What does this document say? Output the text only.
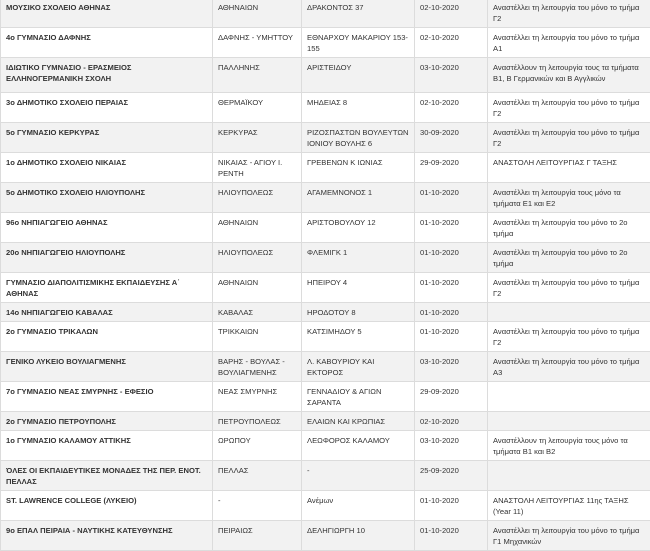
ΜΟΥΣΙΚΟ ΣΧΟΛΕΙΟ ΑΘΗΝΑΣ	ΑΘΗΝΑΙΩΝ	ΔΡΑΚΟΝΤΟΣ 37	02-10-2020	Αναστέλλει τη λειτουργία του μόνο το τμήμα Γ2
4ο ΓΥΜΝΑΣΙΟ ΔΑΦΝΗΣ	ΔΑΦΝΗΣ - ΥΜΗΤΤΟΥ	ΕΘΝΑΡΧΟΥ ΜΑΚΑΡΙΟΥ 153-155	02-10-2020	Αναστέλλει τη λειτουργία του μόνο το τμήμα Α1
ΙΔΙΩΤΙΚΟ ΓΥΜΝΑΣΙΟ - ΕΡΑΣΜΕΙΟΣ ΕΛΛΗΝΟΓΕΡΜΑΝΙΚΗ ΣΧΟΛΗ	ΠΑΛΛΗΝΗΣ	ΑΡΙΣΤΕΙΔΟΥ	03-10-2020	Αναστέλλουν τη λειτουργία τους τα τμήματα Β1, Β Γερμανικών και Β Αγγλικών
3ο ΔΗΜΟΤΙΚΟ ΣΧΟΛΕΙΟ ΠΕΡΑΙΑΣ	ΘΕΡΜΑΪΚΟΥ	ΜΗΔΕΙΑΣ 8	02-10-2020	Αναστέλλει τη λειτουργία του μόνο το τμήμα Γ2
5ο ΓΥΜΝΑΣΙΟ ΚΕΡΚΥΡΑΣ	ΚΕΡΚΥΡΑΣ	ΡΙΖΟΣΠΑΣΤΩΝ ΒΟΥΛΕΥΤΩΝ ΙΟΝΙΟΥ ΒΟΥΛΗΣ 6	30-09-2020	Αναστέλλει τη λειτουργία του μόνο το τμήμα Γ2
1ο ΔΗΜΟΤΙΚΟ ΣΧΟΛΕΙΟ ΝΙΚΑΙΑΣ	ΝΙΚΑΙΑΣ - ΑΓΙΟΥ Ι. ΡΕΝΤΗ	ΓΡΕΒΕΝΩΝ Κ ΙΩΝΙΑΣ	29-09-2020	ΑΝΑΣΤΟΛΗ ΛΕΙΤΟΥΡΓΙΑΣ Γ ΤΑΞΗΣ
5ο ΔΗΜΟΤΙΚΟ ΣΧΟΛΕΙΟ ΗΛΙΟΥΠΟΛΗΣ	ΗΛΙΟΥΠΟΛΕΩΣ	ΑΓΑΜΕΜΝΟΝΟΣ 1	01-10-2020	Αναστέλλει τη λειτουργία τους μόνο τα τμήματα Ε1 και Ε2
96ο ΝΗΠΙΑΓΩΓΕΙΟ ΑΘΗΝΑΣ	ΑΘΗΝΑΙΩΝ	ΑΡΙΣΤΟΒΟΥΛΟΥ 12	01-10-2020	Αναστέλλει τη λειτουργία του μόνο το 2ο τμήμα
20ο ΝΗΠΙΑΓΩΓΕΙΟ ΗΛΙΟΥΠΟΛΗΣ	ΗΛΙΟΥΠΟΛΕΩΣ	ΦΛΕΜΙΓΚ 1	01-10-2020	Αναστέλλει τη λειτουργία του μόνο το 2ο τμήμα
ΓΥΜΝΑΣΙΟ ΔΙΑΠΟΛΙΤΙΣΜΙΚΗΣ ΕΚΠΑΙΔΕΥΣΗΣ Α΄ ΑΘΗΝΑΣ	ΑΘΗΝΑΙΩΝ	ΗΠΕΙΡΟΥ 4	01-10-2020	Αναστέλλει τη λειτουργία του μόνο το τμήμα Γ2
14ο ΝΗΠΙΑΓΩΓΕΙΟ ΚΑΒΑΛΑΣ	ΚΑΒΑΛΑΣ	ΗΡΟΔΟΤΟΥ 8	01-10-2020	
2ο ΓΥΜΝΑΣΙΟ ΤΡΙΚΑΛΩΝ	ΤΡΙΚΚΑΙΩΝ	ΚΑΤΣΙΜΗΔΟΥ 5	01-10-2020	Αναστέλλει τη λειτουργία του μόνο το τμήμα Γ2
ΓΕΝΙΚΟ ΛΥΚΕΙΟ ΒΟΥΛΙΑΓΜΕΝΗΣ	ΒΑΡΗΣ - ΒΟΥΛΑΣ - ΒΟΥΛΙΑΓΜΕΝΗΣ	Λ. ΚΑΒΟΥΡΙΟΥ ΚΑΙ ΕΚΤΟΡΟΣ	03-10-2020	Αναστέλλει τη λειτουργία του μόνο το τμήμα Α3
7ο ΓΥΜΝΑΣΙΟ ΝΕΑΣ ΣΜΥΡΝΗΣ - ΕΦΕΣΙΟ	ΝΕΑΣ ΣΜΥΡΝΗΣ	ΓΕΝΝΑΔΙΟΥ & ΑΓΙΩΝ ΣΑΡΑΝΤΑ	29-09-2020	
2ο ΓΥΜΝΑΣΙΟ ΠΕΤΡΟΥΠΟΛΗΣ	ΠΕΤΡΟΥΠΟΛΕΩΣ	ΕΛΑΙΩΝ ΚΑΙ ΚΡΩΠΙΑΣ	02-10-2020	
1ο ΓΥΜΝΑΣΙΟ ΚΑΛΑΜΟΥ ΑΤΤΙΚΗΣ	ΩΡΩΠΟΥ	ΛΕΩΦΟΡΟΣ ΚΑΛΑΜΟΥ	03-10-2020	Αναστέλλουν τη λειτουργία τους μόνο τα τμήματα Β1 και Β2
ΌΛΕΣ ΟΙ ΕΚΠΑΙΔΕΥΤΙΚΕΣ ΜΟΝΑΔΕΣ ΤΗΣ ΠΕΡ. ΕΝΟΤ. ΠΕΛΛΑΣ	ΠΕΛΛΑΣ	-	25-09-2020	
ST. LAWRENCE COLLEGE (ΛΥΚΕΙΟ)	-	Ανέμων	01-10-2020	ΑΝΑΣΤΟΛΗ ΛΕΙΤΟΥΡΓΙΑΣ 11ης ΤΑΞΗΣ (Year 11)
9ο ΕΠΑΛ ΠΕΙΡΑΙΑ - ΝΑΥΤΙΚΗΣ ΚΑΤΕΥΘΥΝΣΗΣ	ΠΕΙΡΑΙΩΣ	ΔΕΛΗΓΙΩΡΓΗ 10	01-10-2020	Αναστέλλει τη λειτουργία του μόνο το τμήμα Γ1 Μηχανικών
